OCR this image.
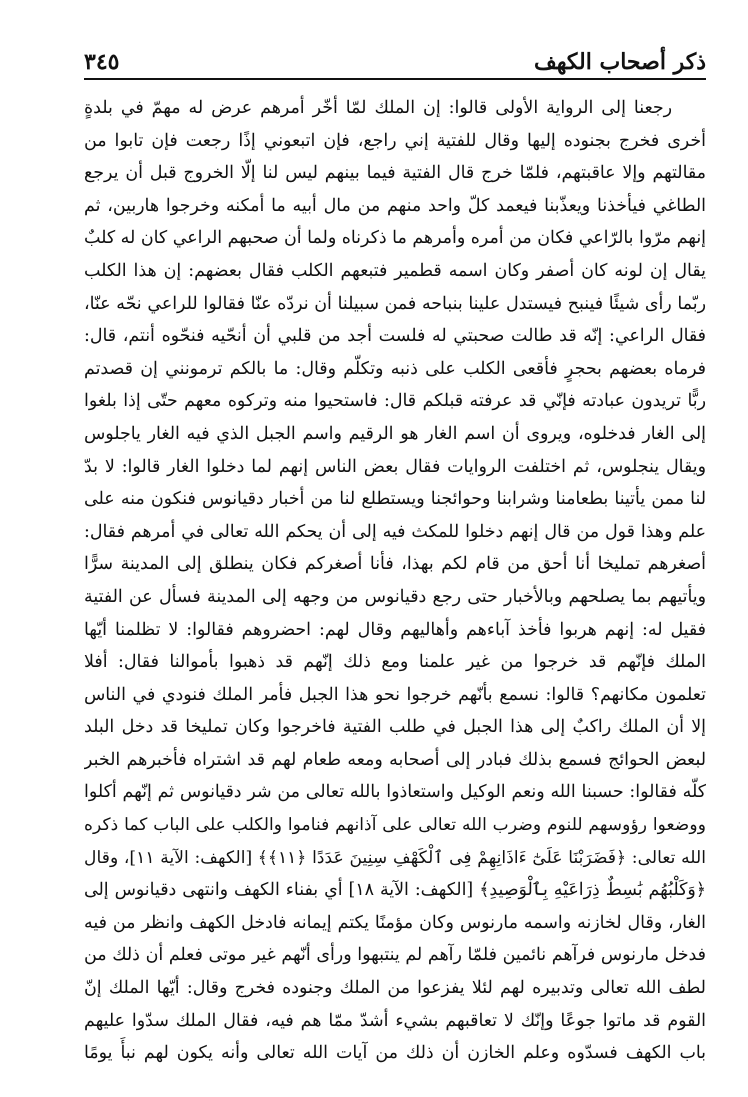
ذكر أصحاب الكهف
٣٤٥
رجعنا إلى الرواية الأولى قالوا: إن الملك لمّا أخّر أمرهم عرض له مهمّ في بلدةٍ
أخرى فخرج بجنوده إليها وقال للفتية إني راجع، فإن اتبعوني إذًا رجعت فإن تابوا من
مقالتهم وإلا عاقبتهم، فلمّا خرج قال الفتية فيما بينهم ليس لنا إلّا الخروج قبل أن يرجع
الطاغي فيأخذنا ويعذّبنا فيعمد كلّ واحد منهم من مال أبيه ما أمكنه وخرجوا هاربين، ثم
إنهم مرّوا بالرّاعي فكان من أمره وأمرهم ما ذكرناه ولما أن صحبهم الراعي كان له كلبٌ
يقال إن لونه كان أصفر وكان اسمه قطمير فتبعهم الكلب فقال بعضهم: إن هذا الكلب
ربّما رأى شيئًا فينبح فيستدل علينا بنباحه فمن سبيلنا أن نردّه عنّا فقالوا للراعي نحّه عنّا،
فقال الراعي: إنّه قد طالت صحبتي له فلست أجد من قلبي أن أنحّيه فنحّوه أنتم، قال:
فرماه بعضهم بحجرٍ فأقعى الكلب على ذنبه وتكلّم وقال: ما بالكم ترمونني إن قصدتم
ربًّا تريدون عبادته فإنّي قد عرفته قبلكم قال: فاستحيوا منه وتركوه معهم حتّى إذا بلغوا
إلى الغار فدخلوه، ويروى أن اسم الغار هو الرقيم واسم الجبل الذي فيه الغار ياجلوس
ويقال ينجلوس، ثم اختلفت الروايات فقال بعض الناس إنهم لما دخلوا الغار قالوا: لا بدّ
لنا ممن يأتينا بطعامنا وشرابنا وحوائجنا ويستطلع لنا من أخبار دقيانوس فنكون منه على
علم وهذا قول من قال إنهم دخلوا للمكث فيه إلى أن يحكم الله تعالى في أمرهم فقال:
أصغرهم تمليخا أنا أحق من قام لكم بهذا، فأنا أصغركم فكان ينطلق إلى المدينة سرًّا
ويأتيهم بما يصلحهم وبالأخبار حتى رجع دقيانوس من وجهه إلى المدينة فسأل عن الفتية
فقيل له: إنهم هربوا فأخذ آباءهم وأهاليهم وقال لهم: احضروهم فقالوا: لا تظلمنا أيّها
الملك فإنّهم قد خرجوا من غير علمنا ومع ذلك إنّهم قد ذهبوا بأموالنا فقال: أفلا
تعلمون مكانهم؟ قالوا: نسمع بأنّهم خرجوا نحو هذا الجبل فأمر الملك فنودي في الناس
إلا أن الملك راكبٌ إلى هذا الجبل في طلب الفتية فاخرجوا وكان تمليخا قد دخل البلد
لبعض الحوائج فسمع بذلك فبادر إلى أصحابه ومعه طعام لهم قد اشتراه فأخبرهم الخبر
كلّه فقالوا: حسبنا الله ونعم الوكيل واستعاذوا بالله تعالى من شر دقيانوس ثم إنّهم أكلوا
ووضعوا رؤوسهم للنوم وضرب الله تعالى على آذانهم فناموا والكلب على الباب كما ذكره
الله تعالى: ﴿فَضَرَبْنَا عَلَىٰٓ ءَاذَانِهِمْ فِى ٱلْكَهْفِ سِنِينَ عَدَدًا ﴿١١﴾﴾ [الكهف: الآية ١١]، وقال
﴿وَكَلْبُهُم بَٰسِطٌ ذِرَاعَيْهِ بِٱلْوَصِيدِ﴾ [الكهف: الآية ١٨] أي بفناء الكهف وانتهى دقيانوس إلى
الغار، وقال لخازنه واسمه مارنوس وكان مؤمنًا يكتم إيمانه فادخل الكهف وانظر من فيه
فدخل مارنوس فرآهم نائمين فلمّا رآهم لم ينتبهوا ورأى أنّهم غير موتى فعلم أن ذلك من
لطف الله تعالى وتدبيره لهم لئلا يفزعوا من الملك وجنوده فخرج وقال: أيّها الملك إنّ
القوم قد ماتوا جوعًا وإنّك لا تعاقبهم بشيء أشدّ ممّا هم فيه، فقال الملك سدّوا عليهم
باب الكهف فسدّوه وعلم الخازن أن ذلك من آيات الله تعالى وأنه يكون لهم نبأً يومًا
